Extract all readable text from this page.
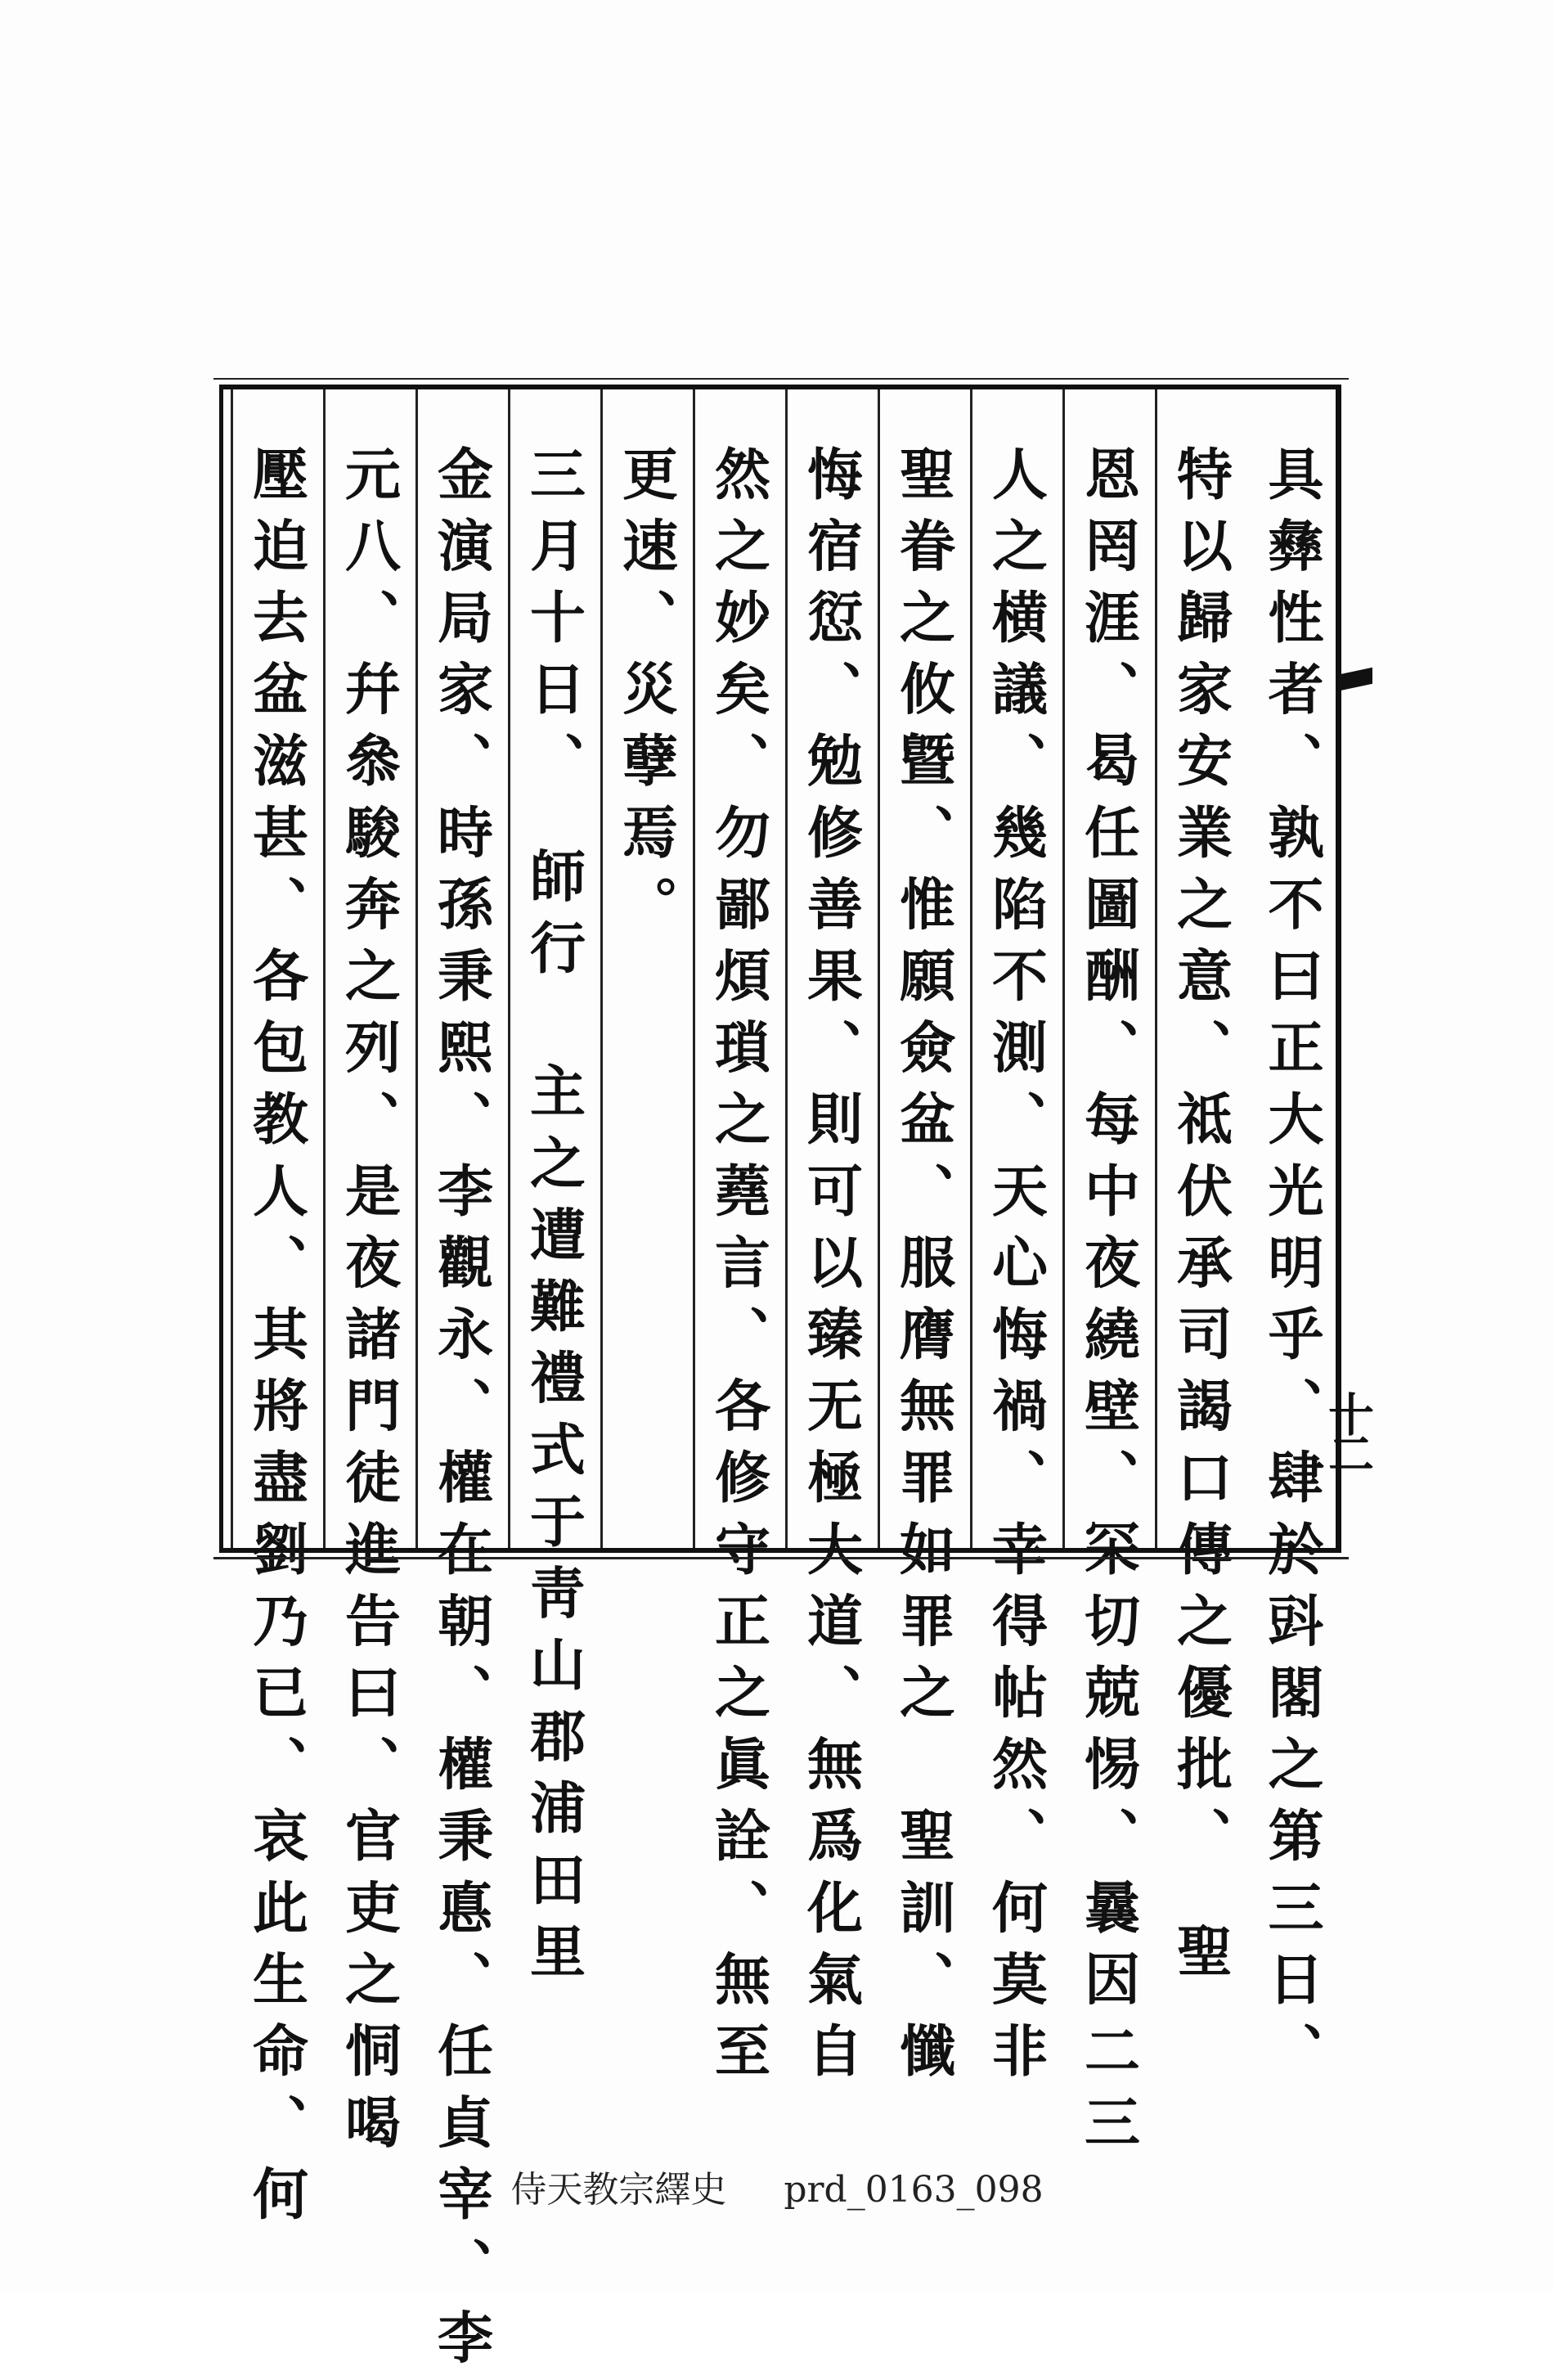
具彝性者、孰不曰正大光明乎、肆於㪷閣之第三日、
特以歸家安業之意、祗伏承司謁口傳之優批、　聖
恩罔涯、曷任圖酬、每中夜繞壁、罙切兢惕、曩因二三
人之横議、幾陷不測、天心悔禍、幸得帖然、何莫非
聖眷之攸曁、惟願僉盆、服膺無罪如罪之　聖訓、懺
悔宿愆、勉修善果、則可以臻无極大道、無爲化氣自
然之妙矣、勿鄙煩瑣之蕘言、各修守正之眞詮、無至
更速、災孽焉。
三月十日、　師行　主之遭難禮式于靑山郡浦田里
金演局家、時孫秉熙、李觀永、權在朝、權秉悳、任貞宰、李
元八、幷叅駿奔之列、是夜諸門徒進告曰、官吏之恫喝
壓迫去盆滋甚、各包教人、其將盡劉乃已、哀此生命、何	十二
侍天教宗繹史 prd_0163_098
